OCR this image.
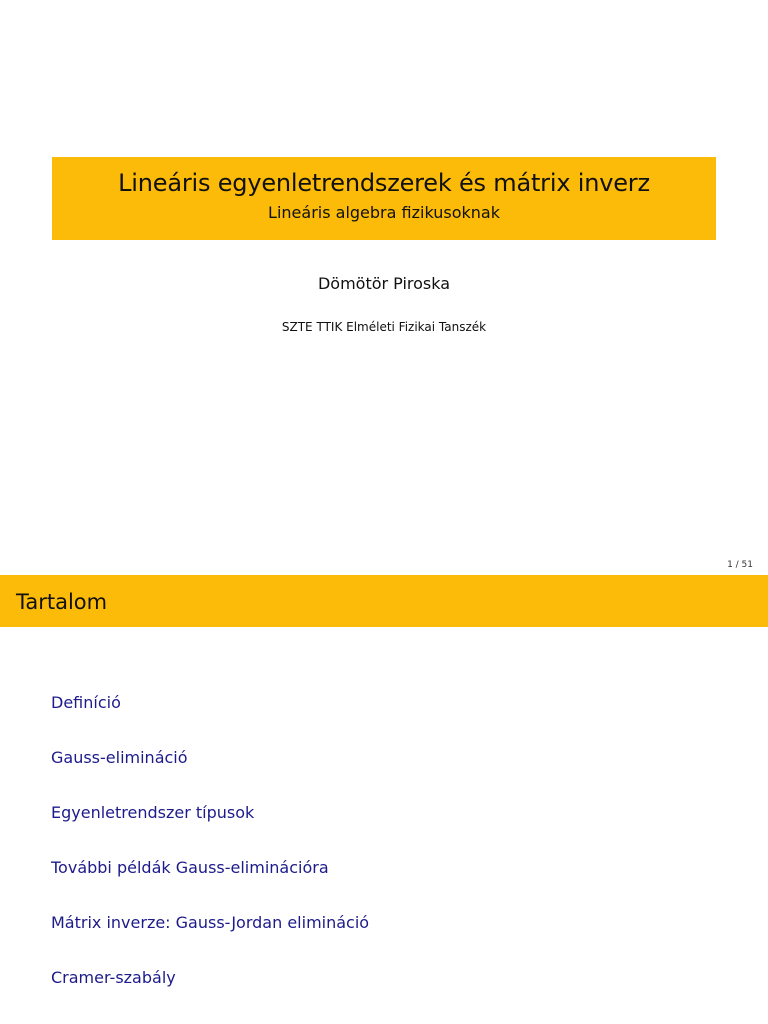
Lineáris egyenletrendszerek és mátrix inverz
Lineáris algebra fizikusoknak
Dömötör Piroska
SZTE TTIK Elméleti Fizikai Tanszék
1 / 51
Tartalom
Definíció
Gauss-elimináció
Egyenletrendszer típusok
További példák Gauss-eliminációra
Mátrix inverze: Gauss-Jordan elimináció
Cramer-szabály
